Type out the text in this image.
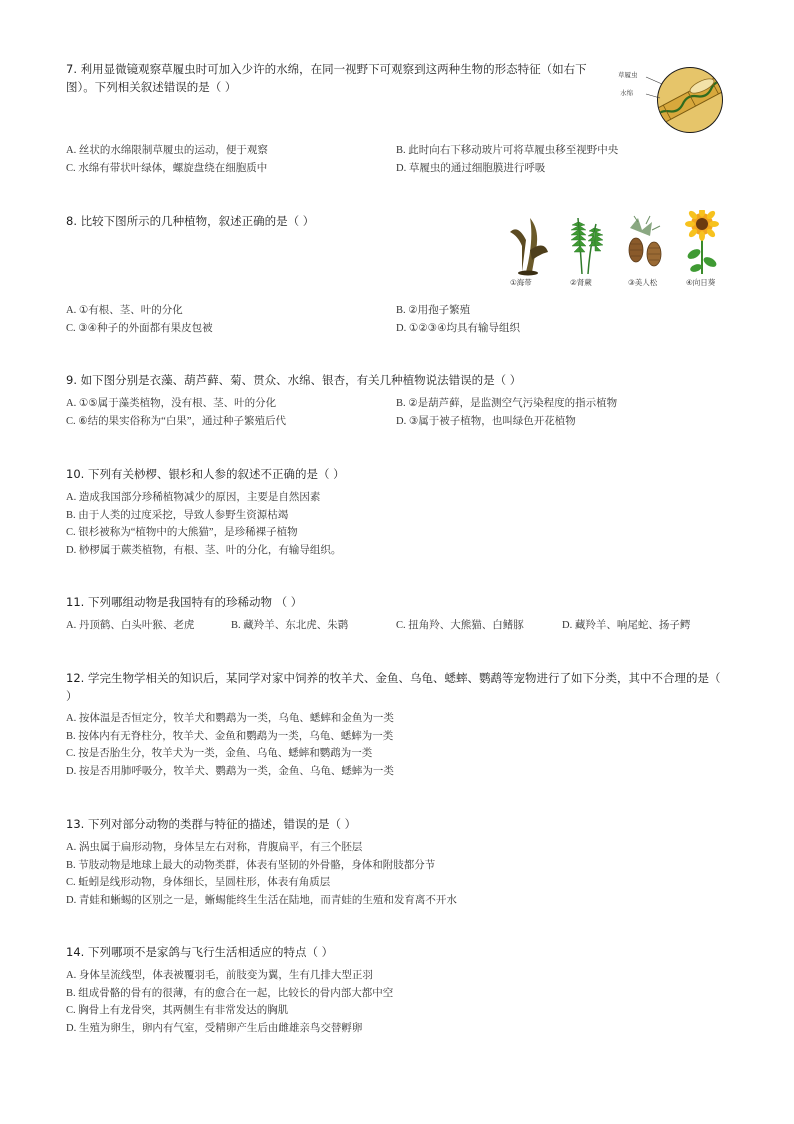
7. 利用显微镜观察草履虫时可加入少许的水绵，在同一视野下可观察到这两种生物的形态特征（如右下
图）。下列相关叙述错误的是（ ）
A. 丝状的水绵限制草履虫的运动，便于观察	B. 此时向右下移动玻片可将草履虫移至视野中央
C. 水绵有带状叶绿体，螺旋盘绕在细胞质中	D. 草履虫的通过细胞膜进行呼吸
草履虫
水绵
8. 比较下图所示的几种植物，叙述正确的是（ ）
A. ①有根、茎、叶的分化	B. ②用孢子繁殖
C. ③④种子的外面都有果皮包被	D. ①②③④均具有输导组织
①海带	②肾蕨	③美人松	④向日葵
9. 如下图分别是衣藻、葫芦藓、菊、贯众、水绵、银杏，有关几种植物说法错误的是（ ）
A. ①⑤属于藻类植物，没有根、茎、叶的分化	B. ②是葫芦藓，是监测空气污染程度的指示植物
C. ⑥结的果实俗称为“白果”，通过种子繁殖后代	D. ③属于被子植物，也叫绿色开花植物
10. 下列有关桫椤、银杉和人参的叙述不正确的是（ ）
A. 造成我国部分珍稀植物减少的原因，主要是自然因素
B. 由于人类的过度采挖，导致人参野生资源枯竭
C. 银杉被称为“植物中的大熊猫”，是珍稀裸子植物
D. 桫椤属于蕨类植物，有根、茎、叶的分化，有输导组织。
11. 下列哪组动物是我国特有的珍稀动物 （ ）
A. 丹顶鹤、白头叶猴、老虎	B. 藏羚羊、东北虎、朱鹮	C. 扭角羚、大熊猫、白鳍豚	D. 藏羚羊、响尾蛇、扬子鳄
12. 学完生物学相关的知识后，某同学对家中饲养的牧羊犬、金鱼、乌龟、蟋蟀、鹦鹉等宠物进行了如下分类，其中不合理的是（
）
A. 按体温是否恒定分，牧羊犬和鹦鹉为一类，乌龟、蟋蟀和金鱼为一类
B. 按体内有无脊柱分，牧羊犬、金鱼和鹦鹉为一类，乌龟、蟋蟀为一类
C. 按是否胎生分，牧羊犬为一类，金鱼、乌龟、蟋蟀和鹦鹉为一类
D. 按是否用肺呼吸分，牧羊犬、鹦鹉为一类，金鱼、乌龟、蟋蟀为一类
13. 下列对部分动物的类群与特征的描述，错误的是（ ）
A. 涡虫属于扁形动物，身体呈左右对称，背腹扁平，有三个胚层
B. 节肢动物是地球上最大的动物类群，体表有坚韧的外骨骼，身体和附肢都分节
C. 蚯蚓是线形动物，身体细长，呈圆柱形，体表有角质层
D. 青蛙和蜥蜴的区别之一是，蜥蜴能终生生活在陆地，而青蛙的生殖和发育离不开水
14. 下列哪项不是家鸽与飞行生活相适应的特点（ ）
A. 身体呈流线型，体表被覆羽毛，前肢变为翼，生有几排大型正羽
B. 组成骨骼的骨有的很薄，有的愈合在一起，比较长的骨内部大都中空
C. 胸骨上有龙骨突，其两侧生有非常发达的胸肌
D. 生殖为卵生，卵内有气室，受精卵产生后由雌雄亲鸟交替孵卵
